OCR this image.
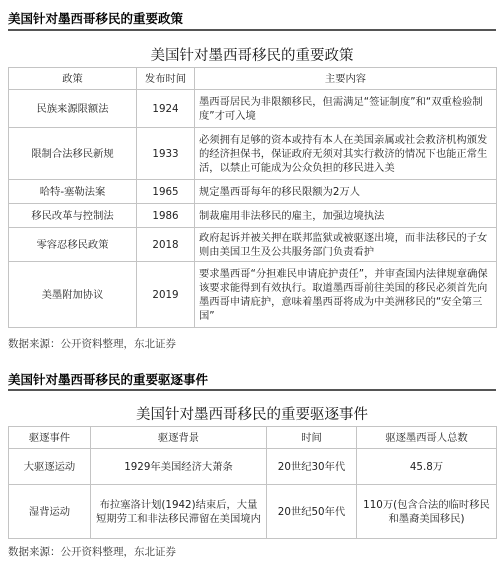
美国针对墨西哥移民的重要政策
美国针对墨西哥移民的重要政策
政策	发布时间	主要内容
民族来源限额法	1924	墨西哥居民为非限额移民，但需满足“签证制度”和“双重检验制度”才可入境
限制合法移民新规	1933	必须拥有足够的资本或持有本人在美国亲属或社会救济机构颁发的经济担保书，保证政府无须对其实行救济的情况下也能正常生活，以禁止可能成为公众负担的移民进入美
哈特-塞勒法案	1965	规定墨西哥每年的移民限额为2万人
移民改革与控制法	1986	制裁雇用非法移民的雇主，加强边境执法
零容忍移民政策	2018	政府起诉并被关押在联邦监狱或被驱逐出境，而非法移民的子女则由美国卫生及公共服务部门负责看护
美墨附加协议	2019	要求墨西哥“分担难民申请庇护责任”，并审查国内法律规章确保该要求能得到有效执行。取道墨西哥前往美国的移民必须首先向墨西哥申请庇护，意味着墨西哥将成为中美洲移民的“安全第三国”
数据来源：公开资料整理，东北证券
美国针对墨西哥移民的重要驱逐事件
美国针对墨西哥移民的重要驱逐事件
驱逐事件	驱逐背景	时间	驱逐墨西哥人总数
大驱逐运动	1929年美国经济大萧条	20世纪30年代	45.8万
湿背运动	布拉塞洛计划(1942)结束后，大量短期劳工和非法移民滞留在美国境内	20世纪50年代	110万(包含合法的临时移民和墨裔美国移民)
数据来源：公开资料整理，东北证券
